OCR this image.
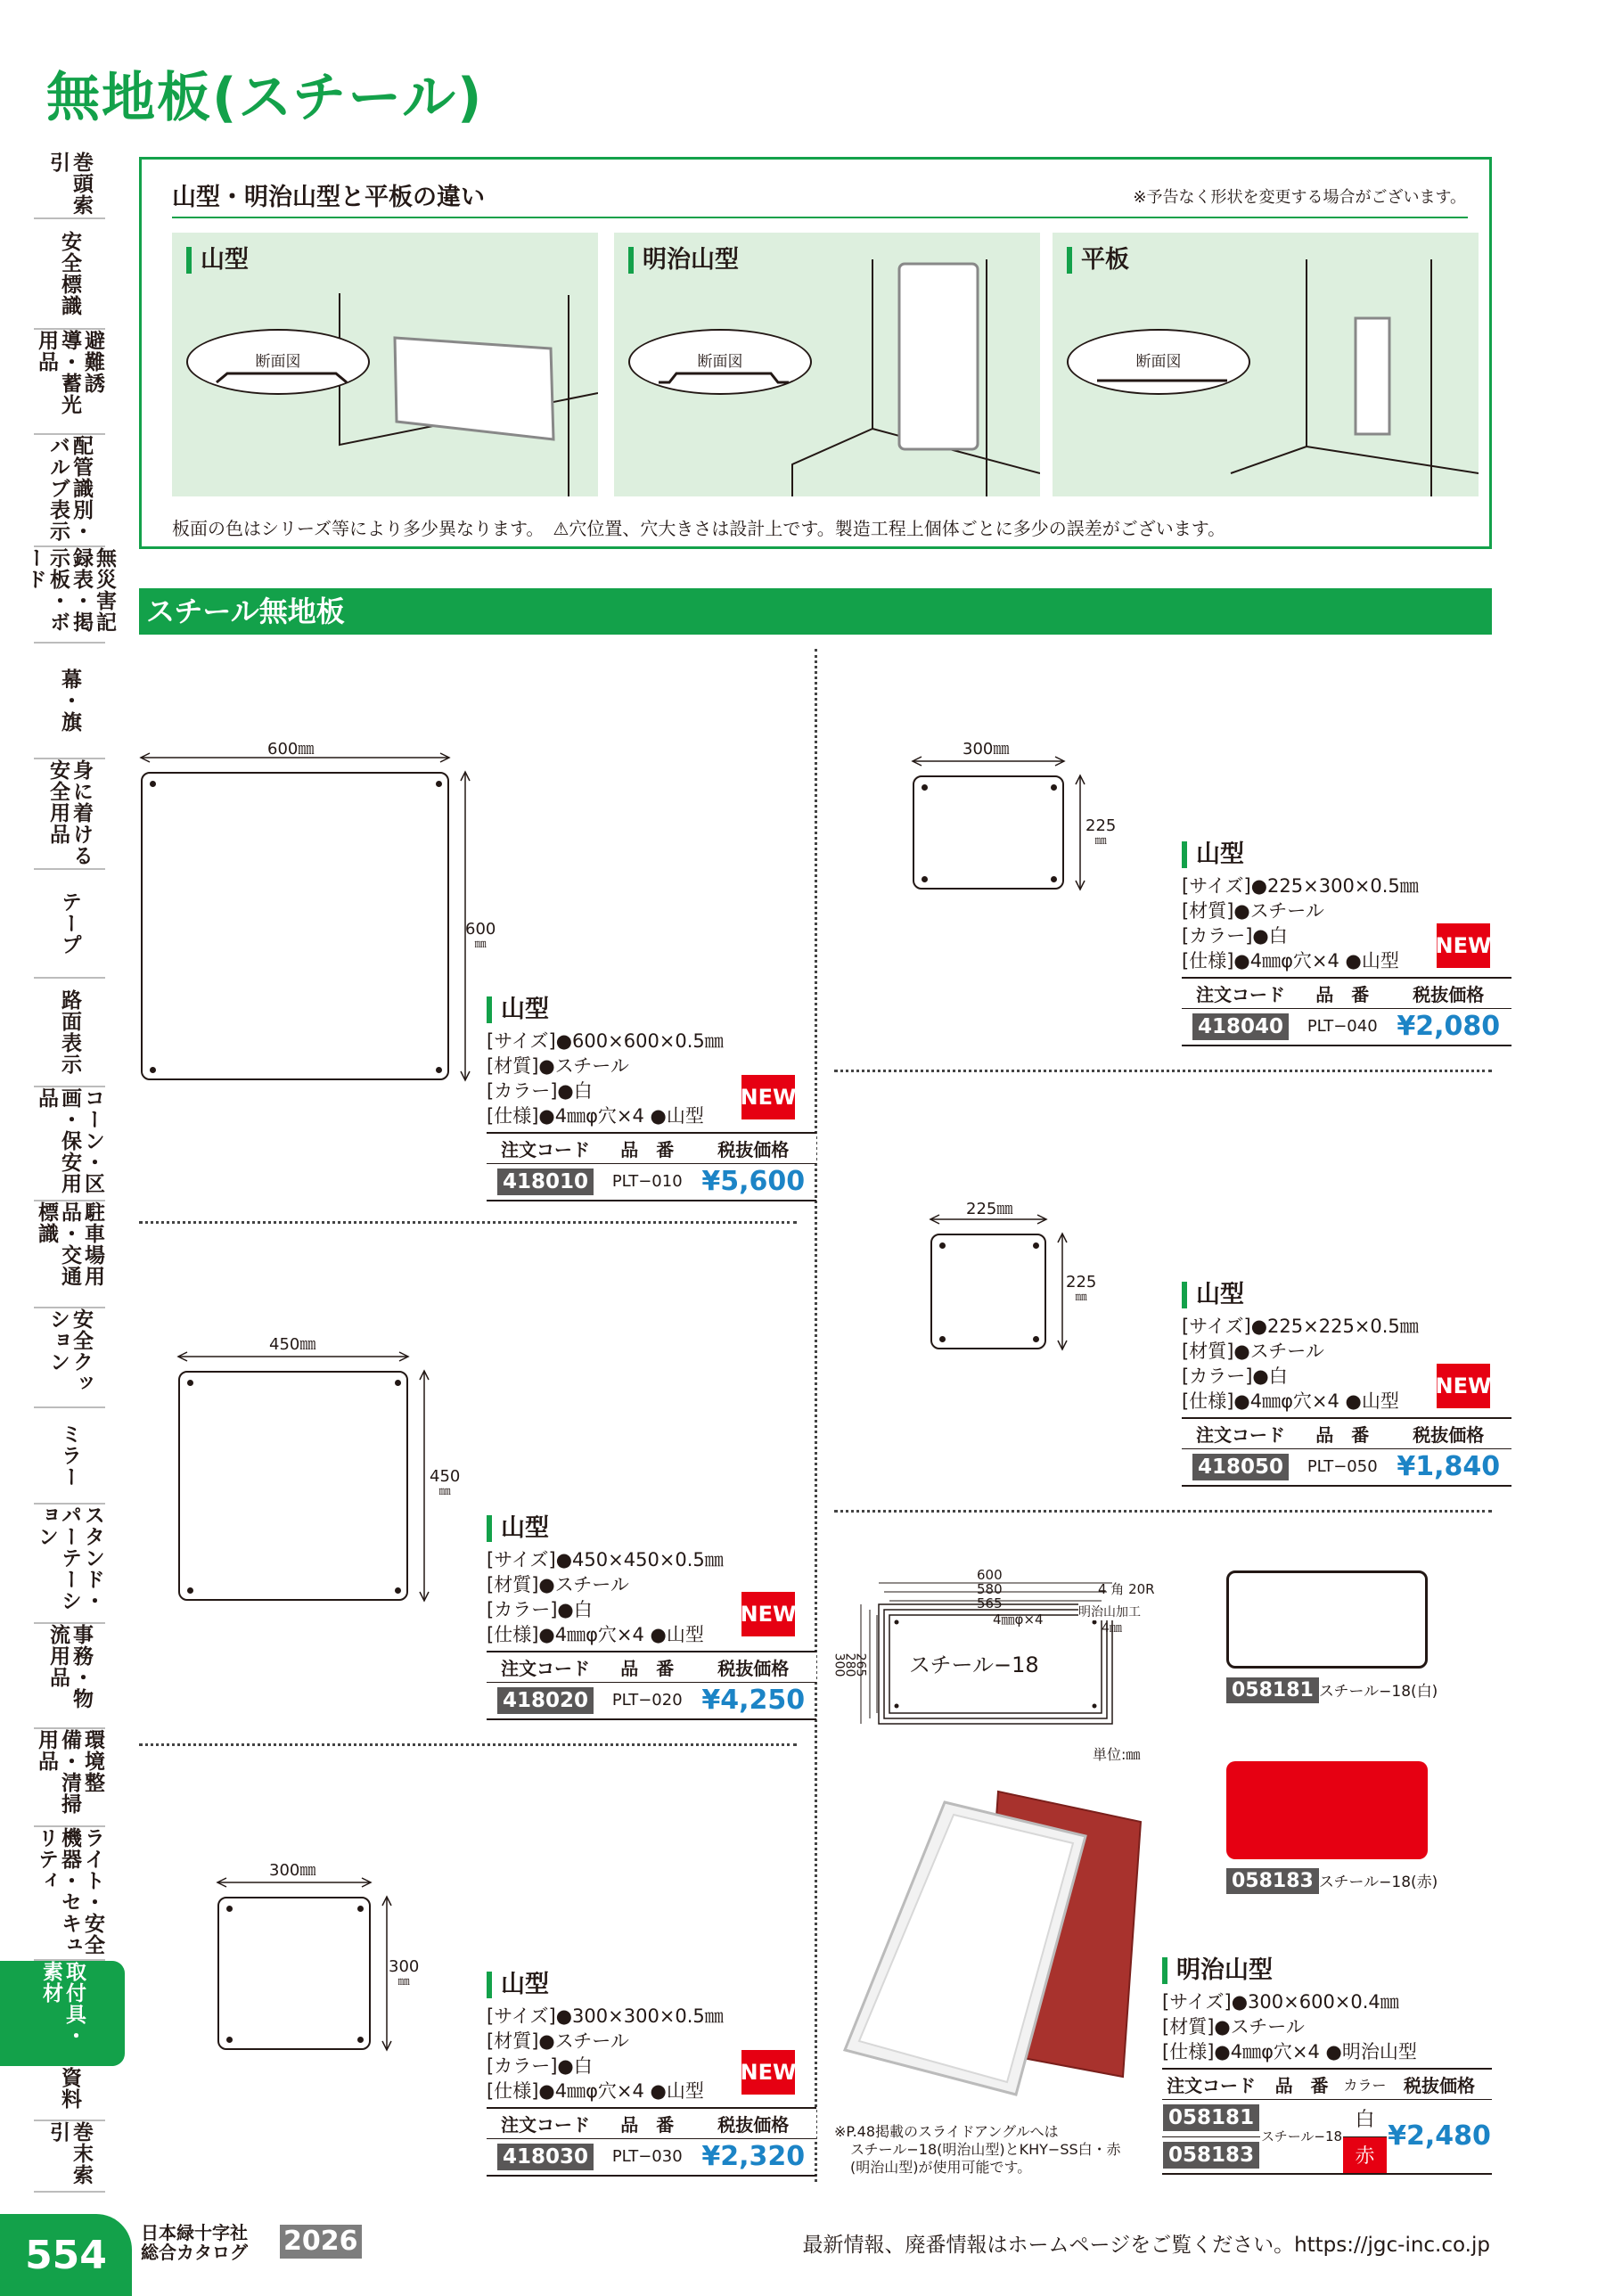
無地板(スチール)
巻頭索引
安全標識
避難誘導・蓄光用品
配管識別・バルブ表示
無災害記録表・掲示板・ボード
幕・旗
身に着ける安全用品
テープ
路面表示
コーン・区画・保安用品
駐車場用品・交通標識
安全クッション
ミラー
スタンド・パーテーション
事務・物流用品
環境整備・清掃用品
ライト・安全機器・セキュリティ
資料
巻末索引
取付具・素材
山型・明治山型と平板の違い	※予告なく形状を変更する場合がございます。
山型
断面図
明治山型
断面図
平板
断面図
板面の色はシリーズ等により多少異なります。　⚠穴位置、穴大きさは設計上です。製造工程上個体ごとに多少の誤差がございます。
スチール無地板
600㎜
600
㎜
山型
[サイズ]●600×600×0.5㎜
[材質]●スチール
[カラー]●白
[仕様]●4㎜φ穴×4 ●山型
注文コード	品　番	税抜価格
418010	PLT−010	¥5,600
NEW
450㎜
450
㎜
山型
[サイズ]●450×450×0.5㎜
[材質]●スチール
[カラー]●白
[仕様]●4㎜φ穴×4 ●山型
注文コード	品　番	税抜価格
418020	PLT−020	¥4,250
NEW
300㎜
300
㎜	山型
[サイズ]●300×300×0.5㎜
[材質]●スチール
[カラー]●白
[仕様]●4㎜φ穴×4 ●山型
注文コード	品　番	税抜価格
418030	PLT−030	¥2,320
NEW
300㎜
225
㎜	山型
[サイズ]●225×300×0.5㎜
[材質]●スチール
[カラー]●白
[仕様]●4㎜φ穴×4 ●山型
注文コード	品　番	税抜価格
418040	PLT−040	¥2,080
NEW
225㎜
225
㎜	山型
[サイズ]●225×225×0.5㎜
[材質]●スチール
[カラー]●白
[仕様]●4㎜φ穴×4 ●山型
注文コード	品　番	税抜価格
418050	PLT−050	¥1,840
NEW
600
580
565
4㎜φ×4
4 角 20R
明治山加工
4㎜
300
280
265 スチール−18
単位:㎜
058181 スチール−18(白)
058183 スチール−18(赤)
※P.48掲載のスライドアングルへは
スチール−18(明治山型)とKHY−SS白・赤
(明治山型)が使用可能です。
明治山型
[サイズ]●300×600×0.4㎜
[材質]●スチール
[仕様]●4㎜φ穴×4 ●明治山型
注文コード	品　番	カラー	税抜価格
058181	スチール−18	白	¥2,480
058183		赤	
554	日本緑十字社
総合カタログ 2026	最新情報、廃番情報はホームページをご覧ください。https://jgc-inc.co.jp
